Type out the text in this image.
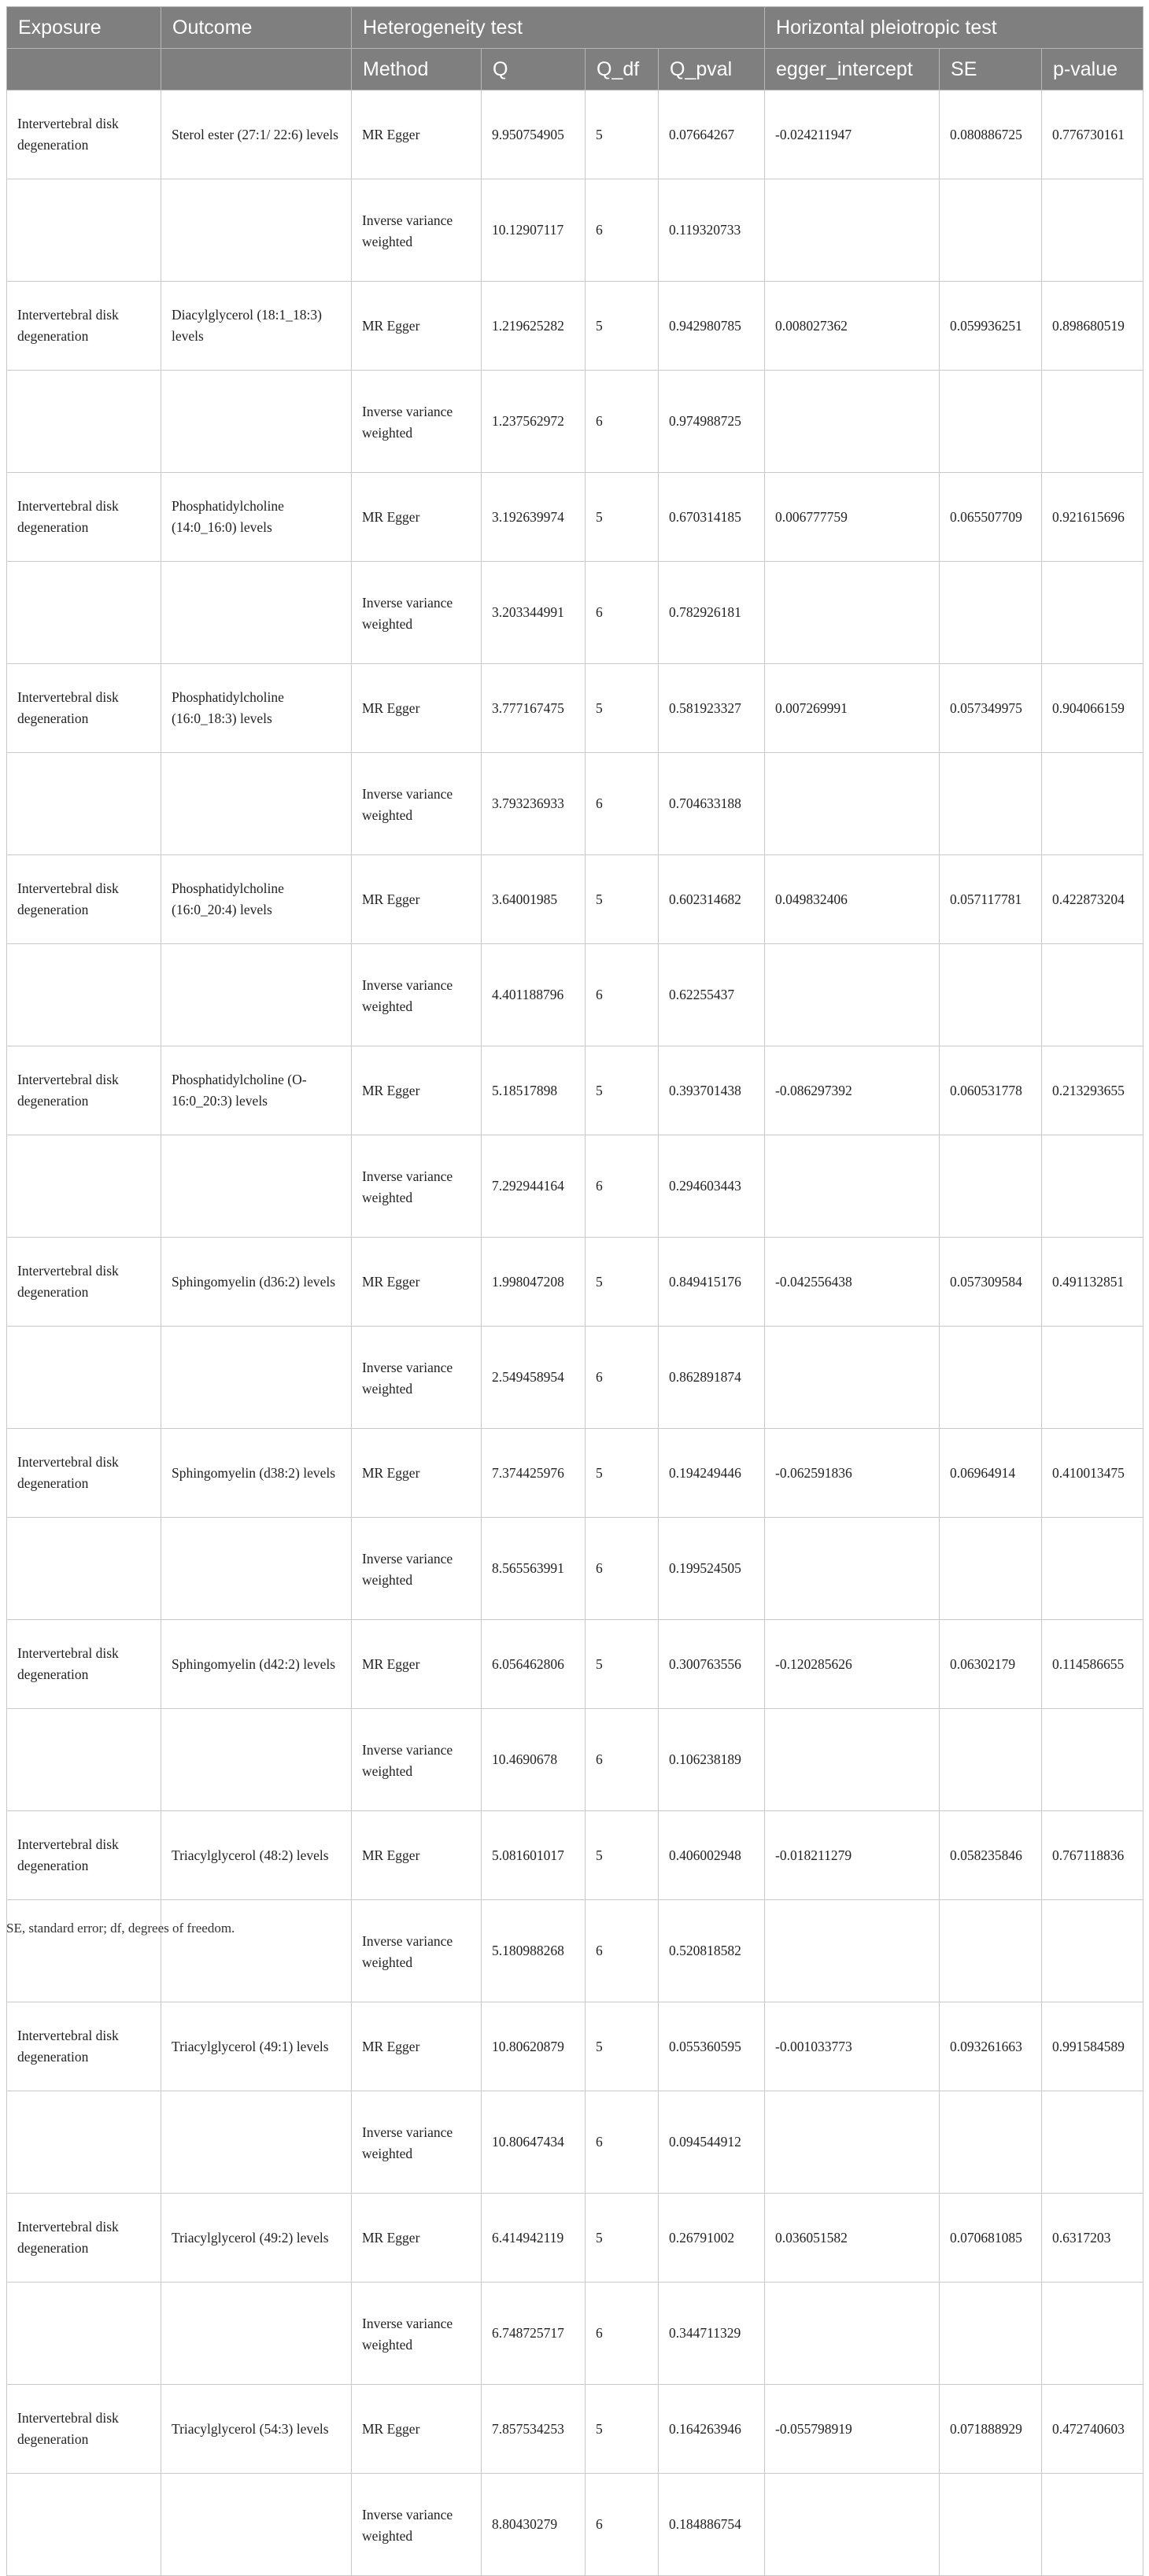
Exposure	Outcome	Heterogeneity test				Horizontal pleiotropic test		
		Method	Q	Q_df	Q_pval	egger_intercept	SE	p-value
Intervertebral disk degeneration	Sterol ester (27:1/ 22:6) levels	MR Egger	9.950754905	5	0.07664267	-0.024211947	0.080886725	0.776730161
		Inverse variance weighted	10.12907117	6	0.119320733			
Intervertebral disk degeneration	Diacylglycerol (18:1_18:3) levels	MR Egger	1.219625282	5	0.942980785	0.008027362	0.059936251	0.898680519
		Inverse variance weighted	1.237562972	6	0.974988725			
Intervertebral disk degeneration	Phosphatidylcholine (14:0_16:0) levels	MR Egger	3.192639974	5	0.670314185	0.006777759	0.065507709	0.921615696
		Inverse variance weighted	3.203344991	6	0.782926181			
Intervertebral disk degeneration	Phosphatidylcholine (16:0_18:3) levels	MR Egger	3.777167475	5	0.581923327	0.007269991	0.057349975	0.904066159
		Inverse variance weighted	3.793236933	6	0.704633188			
Intervertebral disk degeneration	Phosphatidylcholine (16:0_20:4) levels	MR Egger	3.64001985	5	0.602314682	0.049832406	0.057117781	0.422873204
		Inverse variance weighted	4.401188796	6	0.62255437			
Intervertebral disk degeneration	Phosphatidylcholine (O-16:0_20:3) levels	MR Egger	5.18517898	5	0.393701438	-0.086297392	0.060531778	0.213293655
		Inverse variance weighted	7.292944164	6	0.294603443			
Intervertebral disk degeneration	Sphingomyelin (d36:2) levels	MR Egger	1.998047208	5	0.849415176	-0.042556438	0.057309584	0.491132851
		Inverse variance weighted	2.549458954	6	0.862891874			
Intervertebral disk degeneration	Sphingomyelin (d38:2) levels	MR Egger	7.374425976	5	0.194249446	-0.062591836	0.06964914	0.410013475
		Inverse variance weighted	8.565563991	6	0.199524505			
Intervertebral disk degeneration	Sphingomyelin (d42:2) levels	MR Egger	6.056462806	5	0.300763556	-0.120285626	0.06302179	0.114586655
		Inverse variance weighted	10.4690678	6	0.106238189			
Intervertebral disk degeneration	Triacylglycerol (48:2) levels	MR Egger	5.081601017	5	0.406002948	-0.018211279	0.058235846	0.767118836
		Inverse variance weighted	5.180988268	6	0.520818582			
Intervertebral disk degeneration	Triacylglycerol (49:1) levels	MR Egger	10.80620879	5	0.055360595	-0.001033773	0.093261663	0.991584589
		Inverse variance weighted	10.80647434	6	0.094544912			
Intervertebral disk degeneration	Triacylglycerol (49:2) levels	MR Egger	6.414942119	5	0.26791002	0.036051582	0.070681085	0.6317203
		Inverse variance weighted	6.748725717	6	0.344711329			
Intervertebral disk degeneration	Triacylglycerol (54:3) levels	MR Egger	7.857534253	5	0.164263946	-0.055798919	0.071888929	0.472740603
		Inverse variance weighted	8.80430279	6	0.184886754			
SE, standard error; df, degrees of freedom.
